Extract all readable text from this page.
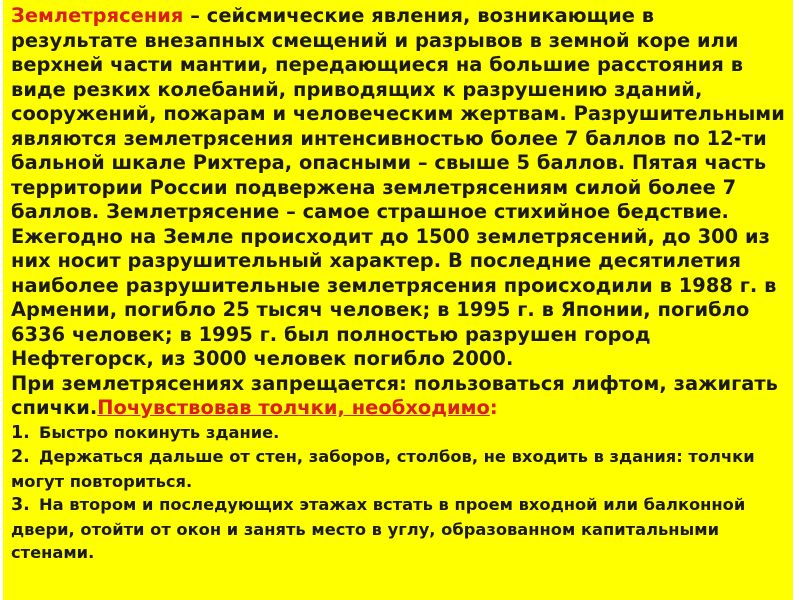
Землетрясения – сейсмические явления, возникающие в результате внезапных смещений и разрывов в земной коре или верхней части мантии, передающиеся на большие расстояния в виде резких колебаний, приводящих к разрушению зданий, сооружений, пожарам и человеческим жертвам. Разрушительными являются землетрясения интенсивностью более 7 баллов по 12-ти бальной шкале Рихтера, опасными – свыше 5 баллов. Пятая часть территории России подвержена землетрясениям силой более 7 баллов. Землетрясение – самое страшное стихийное бедствие. Ежегодно на Земле происходит до 1500 землетрясений, до 300 из них носит разрушительный характер. В последние десятилетия наиболее разрушительные землетрясения происходили в 1988 г. в Армении, погибло 25 тысяч человек; в 1995 г. в Японии, погибло 6336 человек; в 1995 г. был полностью разрушен город Нефтегорск, из 3000 человек погибло 2000.

При землетрясениях запрещается: пользоваться лифтом, зажигать спички.Почувствовав толчки, необходимо:

1. Быстро покинуть здание.

2. Держаться дальше от стен, заборов, столбов, не входить в здания: толчки могут повториться.

3. На втором и последующих этажах встать в проем входной или балконной двери, отойти от окон и занять место в углу, образованном капитальными стенами.
